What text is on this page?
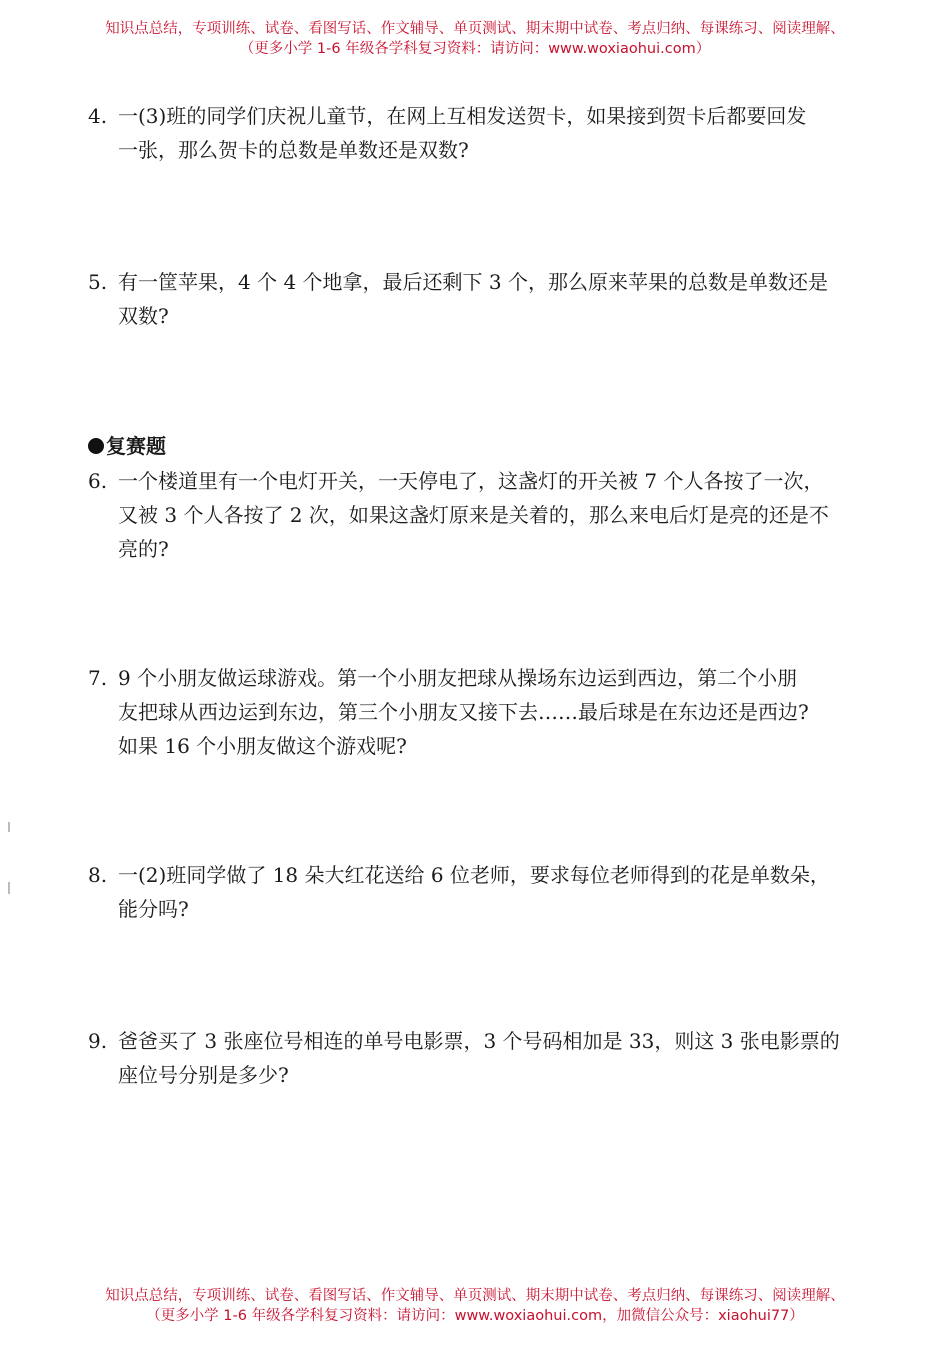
知识点总结，专项训练、试卷、看图写话、作文辅导、单页测试、期末期中试卷、考点归纳、每课练习、阅读理解、
（更多小学 1-6 年级各学科复习资料：请访问：www.woxiaohui.com）
4. 一(3)班的同学们庆祝儿童节，在网上互相发送贺卡，如果接到贺卡后都要回发
一张，那么贺卡的总数是单数还是双数?
5. 有一筐苹果，4 个 4 个地拿，最后还剩下 3 个，那么原来苹果的总数是单数还是
双数?
复赛题
6. 一个楼道里有一个电灯开关，一天停电了，这盏灯的开关被 7 个人各按了一次，
又被 3 个人各按了 2 次，如果这盏灯原来是关着的，那么来电后灯是亮的还是不
亮的?
7. 9 个小朋友做运球游戏。第一个小朋友把球从操场东边运到西边，第二个小朋
友把球从西边运到东边，第三个小朋友又接下去……最后球是在东边还是西边?
如果 16 个小朋友做这个游戏呢?
8. 一(2)班同学做了 18 朵大红花送给 6 位老师，要求每位老师得到的花是单数朵，
能分吗?
9. 爸爸买了 3 张座位号相连的单号电影票，3 个号码相加是 33，则这 3 张电影票的
座位号分别是多少?
知识点总结，专项训练、试卷、看图写话、作文辅导、单页测试、期末期中试卷、考点归纳、每课练习、阅读理解、
（更多小学 1-6 年级各学科复习资料：请访问：www.woxiaohui.com，加微信公众号：xiaohui77）
